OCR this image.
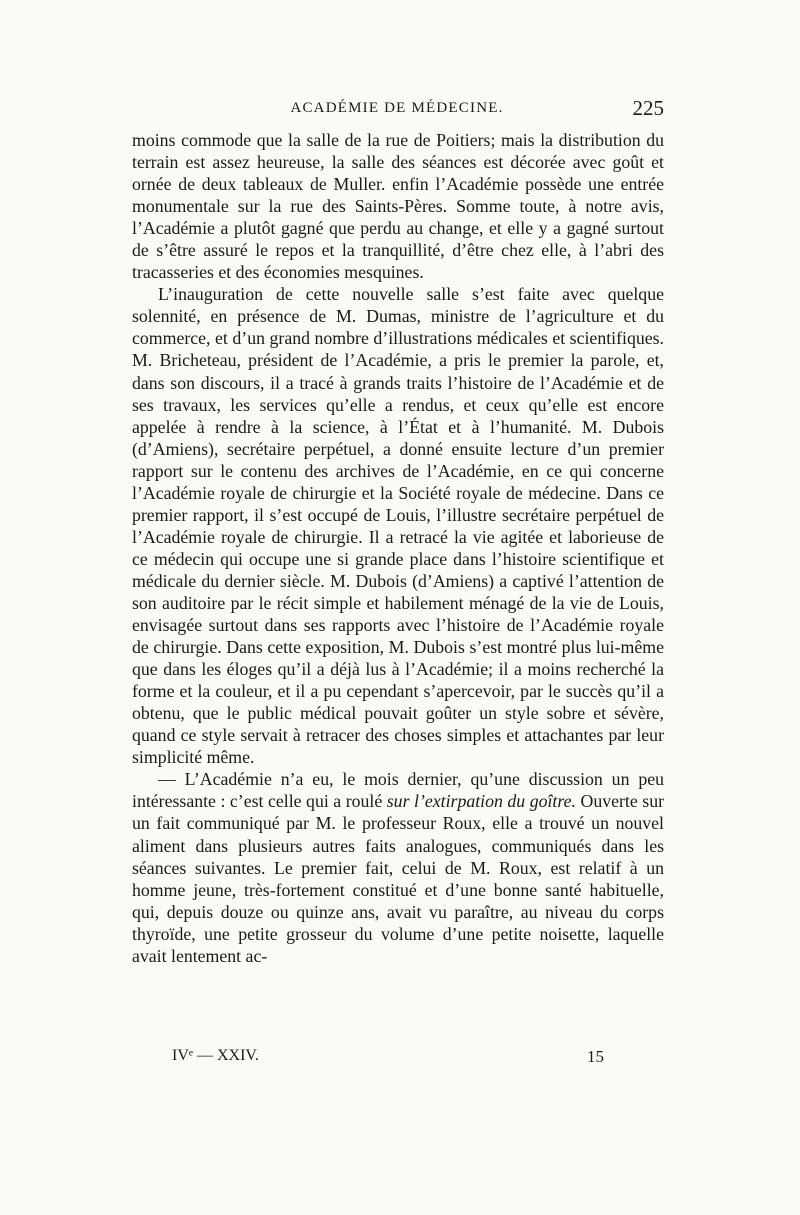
ACADÉMIE DE MÉDECINE.	225

moins commode que la salle de la rue de Poitiers; mais la distribution du terrain est assez heureuse, la salle des séances est décorée avec goût et ornée de deux tableaux de Muller. enfin l’Académie possède une entrée monumentale sur la rue des Saints-Pères. Somme toute, à notre avis, l’Académie a plutôt gagné que perdu au change, et elle y a gagné surtout de s’être assuré le repos et la tranquillité, d’être chez elle, à l’abri des tracasseries et des économies mesquines.

L’inauguration de cette nouvelle salle s’est faite avec quelque solennité, en présence de M. Dumas, ministre de l’agriculture et du commerce, et d’un grand nombre d’illustrations médicales et scientifiques. M. Bricheteau, président de l’Académie, a pris le premier la parole, et, dans son discours, il a tracé à grands traits l’histoire de l’Académie et de ses travaux, les services qu’elle a rendus, et ceux qu’elle est encore appelée à rendre à la science, à l’État et à l’humanité. M. Dubois (d’Amiens), secrétaire perpétuel, a donné ensuite lecture d’un premier rapport sur le contenu des archives de l’Académie, en ce qui concerne l’Académie royale de chirurgie et la Société royale de médecine. Dans ce premier rapport, il s’est occupé de Louis, l’illustre secrétaire perpétuel de l’Académie royale de chirurgie. Il a retracé la vie agitée et laborieuse de ce médecin qui occupe une si grande place dans l’histoire scientifique et médicale du dernier siècle. M. Dubois (d’Amiens) a captivé l’attention de son auditoire par le récit simple et habilement ménagé de la vie de Louis, envisagée surtout dans ses rapports avec l’histoire de l’Académie royale de chirurgie. Dans cette exposition, M. Dubois s’est montré plus lui-même que dans les éloges qu’il a déjà lus à l’Académie; il a moins recherché la forme et la couleur, et il a pu cependant s’apercevoir, par le succès qu’il a obtenu, que le public médical pouvait goûter un style sobre et sévère, quand ce style servait à retracer des choses simples et attachantes par leur simplicité même.

— L’Académie n’a eu, le mois dernier, qu’une discussion un peu intéressante : c’est celle qui a roulé sur l’extirpation du goître. Ouverte sur un fait communiqué par M. le professeur Roux, elle a trouvé un nouvel aliment dans plusieurs autres faits analogues, communiqués dans les séances suivantes. Le premier fait, celui de M. Roux, est relatif à un homme jeune, très-fortement constitué et d’une bonne santé habituelle, qui, depuis douze ou quinze ans, avait vu paraître, au niveau du corps thyroïde, une petite grosseur du volume d’une petite noisette, laquelle avait lentement ac-

IVᵉ — XXIV.	15
